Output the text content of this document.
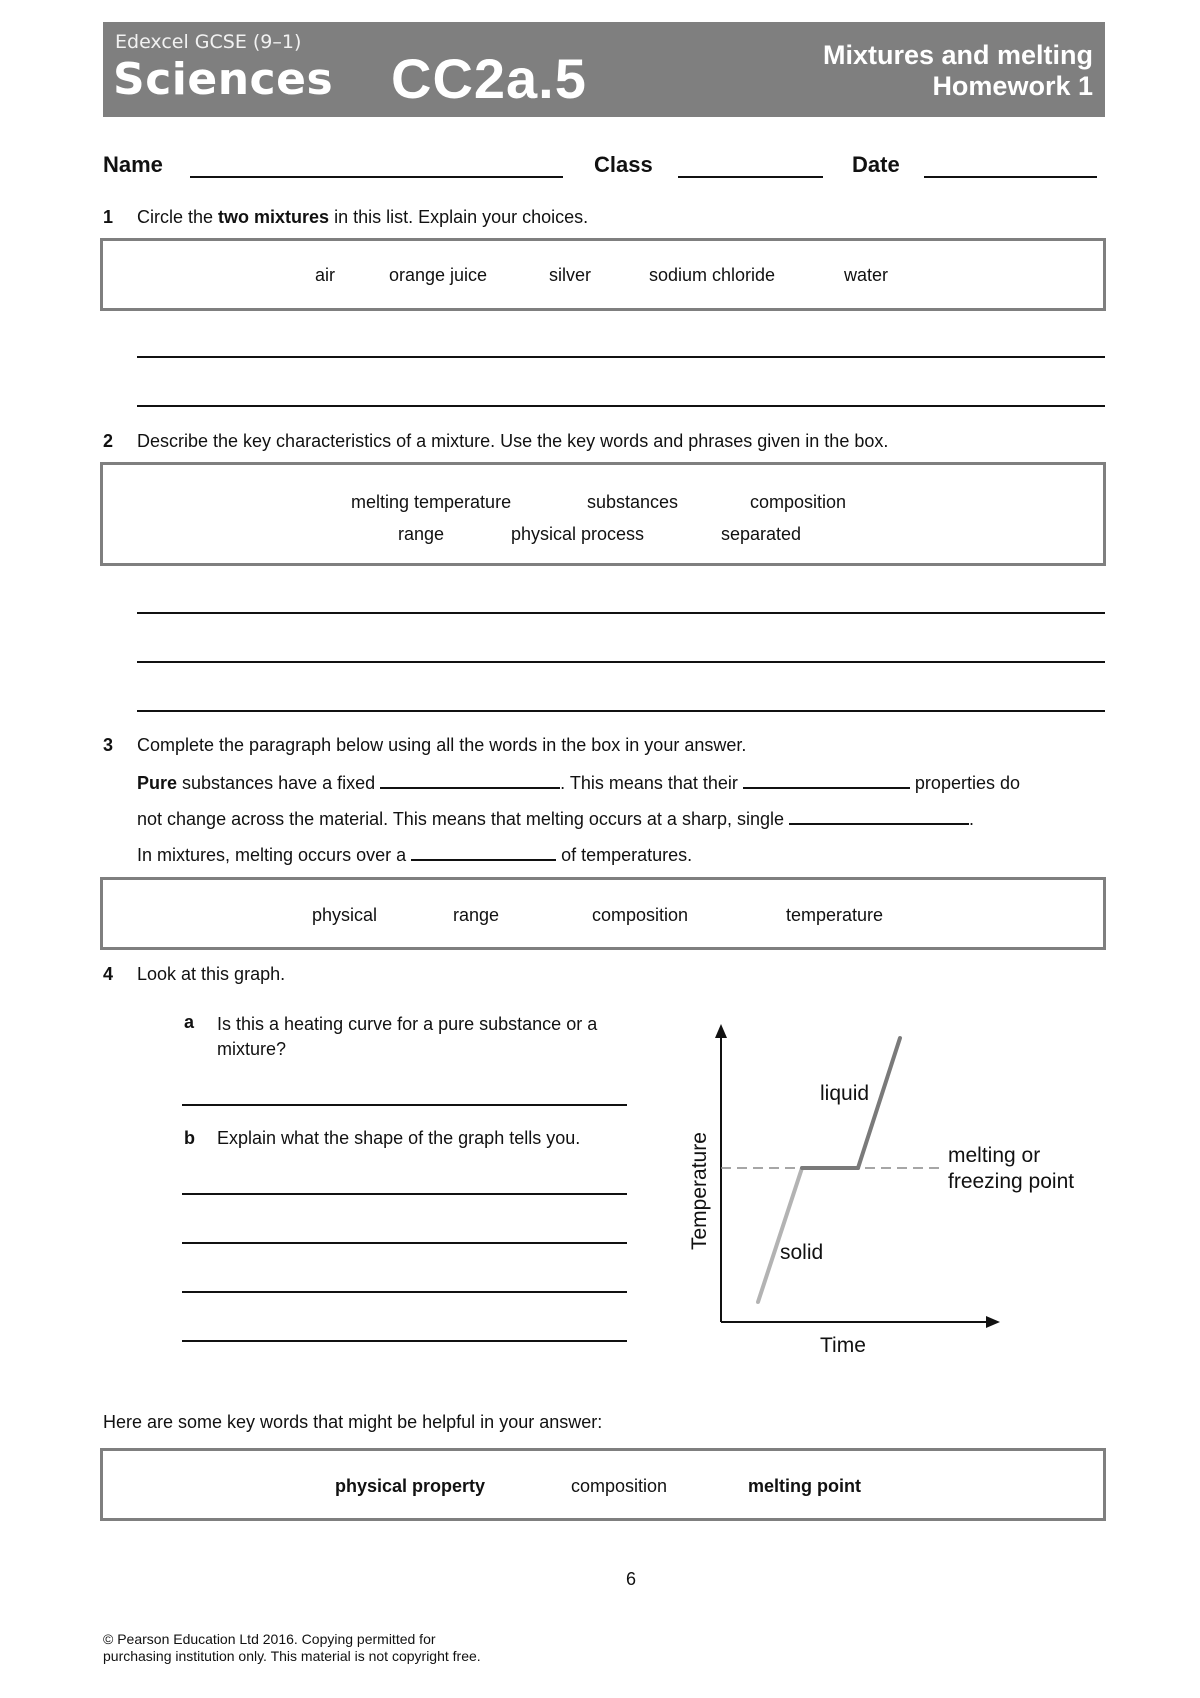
Edexcel GCSE (9–1)
Sciences CC2a.5	Mixtures and melting
Homework 1
Name	Class	Date
1 Circle the two mixtures in this list. Explain your choices.
air	orange juice	silver	sodium chloride	water
2 Describe the key characteristics of a mixture. Use the key words and phrases given in the box.
melting temperature	substances	composition
range	physical process	separated
3 Complete the paragraph below using all the words in the box in your answer.
Pure substances have a fixed	. This means that their	properties do
not change across the material. This means that melting occurs at a sharp, single	.
In mixtures, melting occurs over a	of temperatures.
physical	range	composition	temperature
4 Look at this graph.
a Is this a heating curve for a pure substance or a
mixture?
b Explain what the shape of the graph tells you.
liquid
solid
melting or
freezing point
Time
Temperature
Here are some key words that might be helpful in your answer:
physical property	composition	melting point
6
© Pearson Education Ltd 2016. Copying permitted for
purchasing institution only. This material is not copyright free.
